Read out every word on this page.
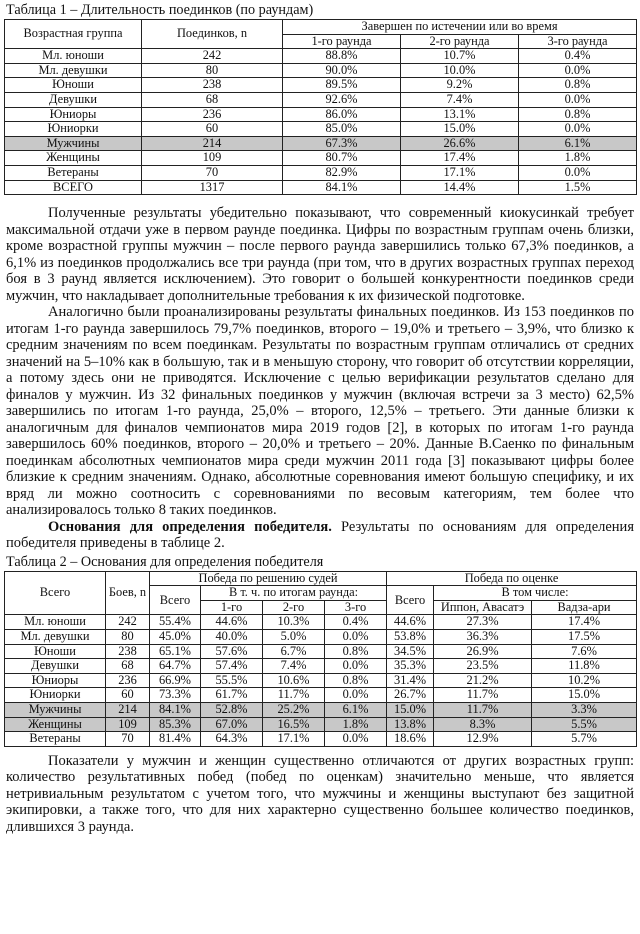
Таблица 1 – Длительность поединков (по раундам)
Возрастная группа	Поединков, n	Завершен по истечении или во время		
		1-го раунда	2-го раунда	3-го раунда
Мл. юноши	242	88.8%	10.7%	0.4%
Мл. девушки	80	90.0%	10.0%	0.0%
Юноши	238	89.5%	9.2%	0.8%
Девушки	68	92.6%	7.4%	0.0%
Юниоры	236	86.0%	13.1%	0.8%
Юниорки	60	85.0%	15.0%	0.0%
Мужчины	214	67.3%	26.6%	6.1%
Женщины	109	80.7%	17.4%	1.8%
Ветераны	70	82.9%	17.1%	0.0%
ВСЕГО	1317	84.1%	14.4%	1.5%

Полученные результаты убедительно показывают, что современный киокусинкай требует максимальной отдачи уже в первом раунде поединка. Цифры по возрастным группам очень близки, кроме возрастной группы мужчин – после первого раунда завершились только 67,3% поединков, а 6,1% из поединков продолжались все три раунда (при том, что в других возрастных группах переход боя в 3 раунд является исключением). Это говорит о большей конкурентности поединков среди мужчин, что накладывает дополнительные требования к их физической подготовке.

Аналогично были проанализированы результаты финальных поединков. Из 153 поединков по итогам 1-го раунда завершилось 79,7% поединков, второго – 19,0% и третьего – 3,9%, что близко к средним значениям по всем поединкам. Результаты по возрастным группам отличались от средних значений на 5–10% как в большую, так и в меньшую сторону, что говорит об отсутствии корреляции, а потому здесь они не приводятся. Исключение с целью верификации результатов сделано для финалов у мужчин. Из 32 финальных поединков у мужчин (включая встречи за 3 место) 62,5% завершились по итогам 1-го раунда, 25,0% – второго, 12,5% – третьего. Эти данные близки к аналогичным для финалов чемпионатов мира 2019 годов [2], в которых по итогам 1-го раунда завершилось 60% поединков, второго – 20,0% и третьего – 20%. Данные В.Саенко по финальным поединкам абсолютных чемпионатов мира среди мужчин 2011 года [3] показывают цифры более близкие к средним значениям. Однако, абсолютные соревнования имеют большую специфику, и их вряд ли можно соотносить с соревнованиями по весовым категориям, тем более что анализировалось только 8 таких поединков.

Основания для определения победителя. Результаты по основаниям для определения победителя приведены в таблице 2.

Таблица 2 – Основания для определения победителя
Всего	Боев, n	Победа по решению судей				Победа по оценке		
		Всего	В т. ч. по итогам раунда:			Всего	В том числе:	
			1-го	2-го	3-го		Иппон, Авасатэ	Вадза-ари
Мл. юноши	242	55.4%	44.6%	10.3%	0.4%	44.6%	27.3%	17.4%
Мл. девушки	80	45.0%	40.0%	5.0%	0.0%	53.8%	36.3%	17.5%
Юноши	238	65.1%	57.6%	6.7%	0.8%	34.5%	26.9%	7.6%
Девушки	68	64.7%	57.4%	7.4%	0.0%	35.3%	23.5%	11.8%
Юниоры	236	66.9%	55.5%	10.6%	0.8%	31.4%	21.2%	10.2%
Юниорки	60	73.3%	61.7%	11.7%	0.0%	26.7%	11.7%	15.0%
Мужчины	214	84.1%	52.8%	25.2%	6.1%	15.0%	11.7%	3.3%
Женщины	109	85.3%	67.0%	16.5%	1.8%	13.8%	8.3%	5.5%
Ветераны	70	81.4%	64.3%	17.1%	0.0%	18.6%	12.9%	5.7%

Показатели у мужчин и женщин существенно отличаются от других возрастных групп: количество результативных побед (побед по оценкам) значительно меньше, что является нетривиальным результатом с учетом того, что мужчины и женщины выступают без защитной экипировки, а также того, что для них характерно существенно большее количество поединков, длившихся 3 раунда.
